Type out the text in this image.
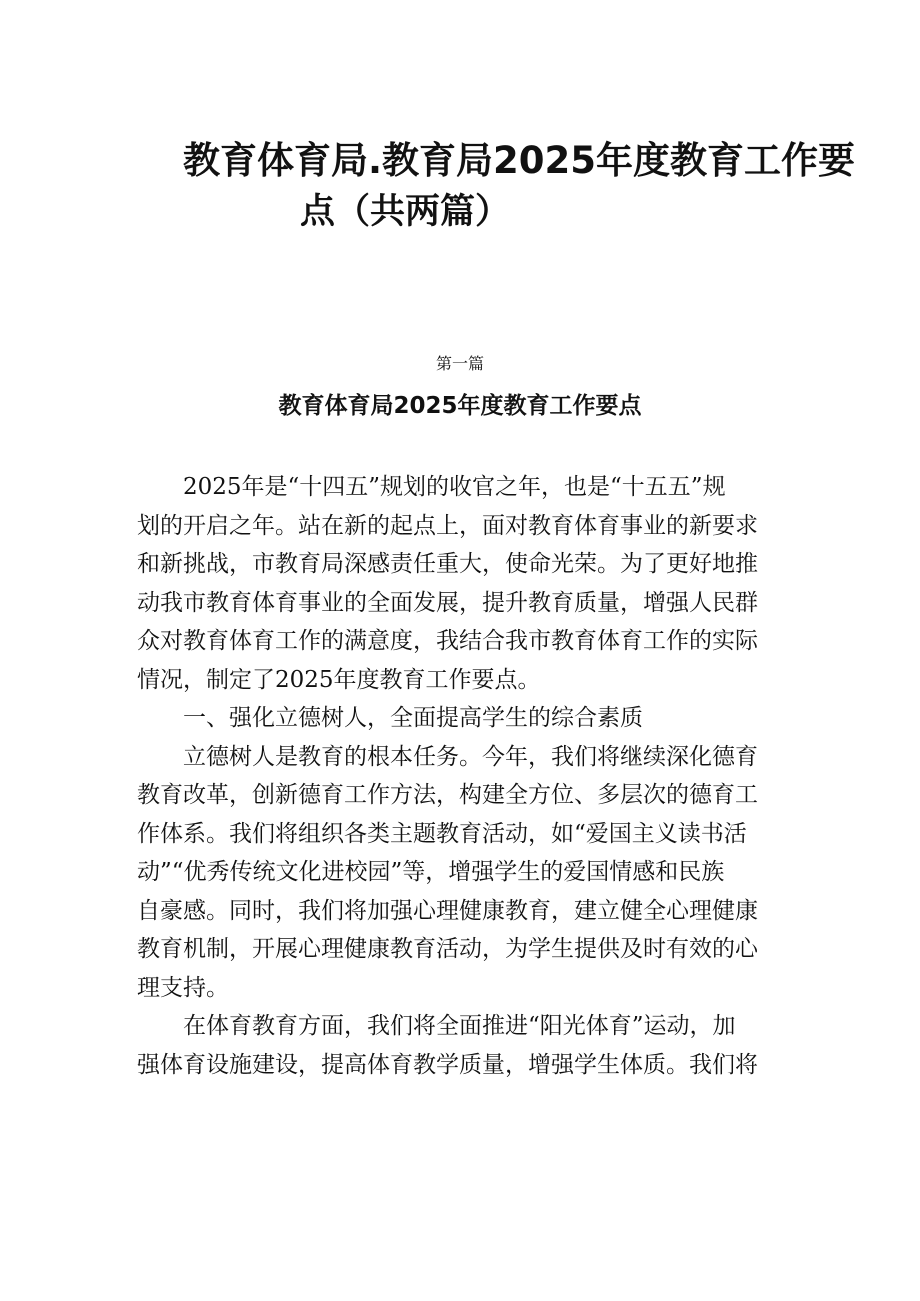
教育体育局.教育局2025年度教育工作要
点（共两篇）
第一篇
教育体育局2025年度教育工作要点
2025年是“十四五”规划的收官之年，也是“十五五”规
划的开启之年。站在新的起点上，面对教育体育事业的新要求
和新挑战，市教育局深感责任重大，使命光荣。为了更好地推
动我市教育体育事业的全面发展，提升教育质量，增强人民群
众对教育体育工作的满意度，我结合我市教育体育工作的实际
情况，制定了2025年度教育工作要点。
一、强化立德树人，全面提高学生的综合素质
立德树人是教育的根本任务。今年，我们将继续深化德育
教育改革，创新德育工作方法，构建全方位、多层次的德育工
作体系。我们将组织各类主题教育活动，如“爱国主义读书活
动”“优秀传统文化进校园”等，增强学生的爱国情感和民族
自豪感。同时，我们将加强心理健康教育，建立健全心理健康
教育机制，开展心理健康教育活动，为学生提供及时有效的心
理支持。
在体育教育方面，我们将全面推进“阳光体育”运动，加
强体育设施建设，提高体育教学质量，增强学生体质。我们将
